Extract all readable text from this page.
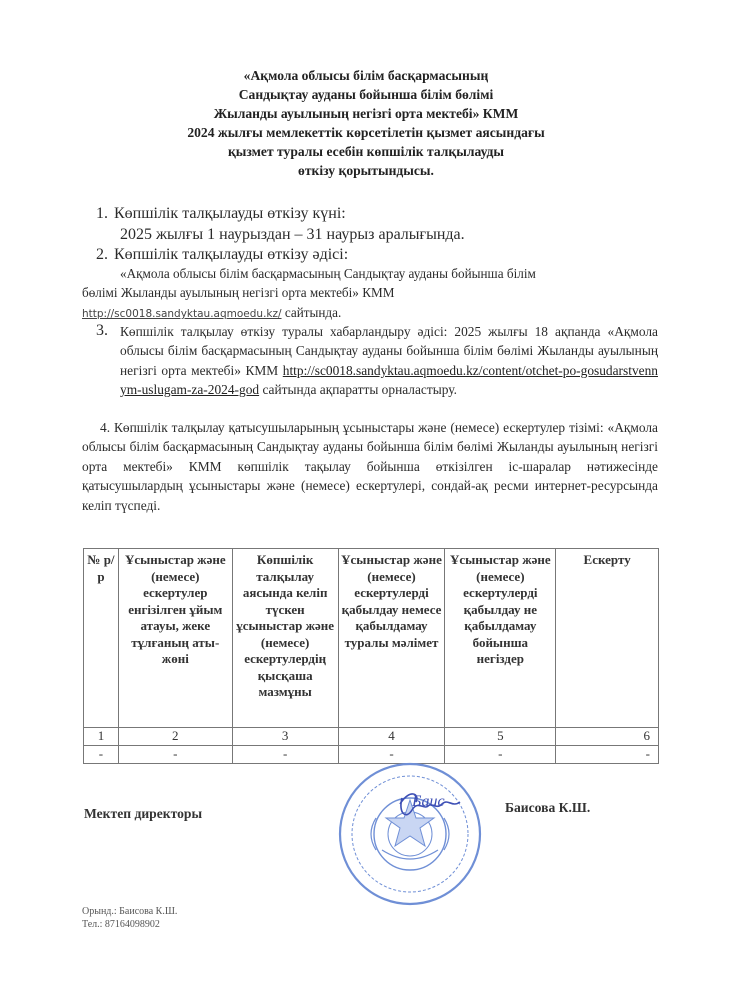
«Ақмола облысы білім басқармасының
Сандықтау ауданы бойынша білім бөлімі
Жыланды ауылының негізгі орта мектебі» КММ
2024 жылғы мемлекеттік көрсетілетін қызмет аясындағы
қызмет туралы есебін көпшілік талқылауды
өткізу қорытындысы.
1. Көпшілік талқылауды өткізу күні:
2025 жылғы 1 наурыздан – 31 наурыз аралығында.
2. Көпшілік талқылауды өткізу әдісі:
«Ақмола облысы білім басқармасының Сандықтау ауданы бойынша білім
бөлімі Жыланды ауылының негізгі орта мектебі» КММ
http://sc0018.sandyktau.aqmoedu.kz/ сайтында.
3. Көпшілік талқылау өткізу туралы хабарландыру әдісі: 2025 жылғы 18 ақпанда «Ақмола облысы білім басқармасының Сандықтау ауданы бойынша білім бөлімі Жыланды ауылының негізгі орта мектебі» КММ http://sc0018.sandyktau.aqmoedu.kz/content/otchet-po-gosudarstvennym-uslugam-za-2024-god сайтында ақпаратты орналастыру.
4. Көпшілік талқылау қатысушыларының ұсыныстары және (немесе) ескертулер тізімі: «Ақмола облысы білім басқармасының Сандықтау ауданы бойынша білім бөлімі Жыланды ауылының негізгі орта мектебі» КММ көпшілік тақылау бойынша өткізілген іс-шаралар нәтижесінде қатысушылардың ұсыныстары және (немесе) ескертулері, сондай-ақ ресми интернет-ресурсында келіп түспеді.
№ р/р	Ұсыныстар және (немесе) ескертулер енгізілген ұйым атауы, жеке тұлғаның аты-жөні	Көпшілік талқылау аясында келіп түскен ұсыныстар және (немесе) ескертулердің қысқаша мазмұны	Ұсыныстар және (немесе) ескертулерді қабылдау немесе қабылдамау туралы мәлімет	Ұсыныстар және (немесе) ескертулерді қабылдау не қабылдамау бойынша негіздер	Ескерту
1	2	3	4	5	6
-	-	-	-	-	-
Мектеп директоры
Баис	Баисова К.Ш.
Орынд.: Баисова К.Ш.
Тел.: 87164098902
